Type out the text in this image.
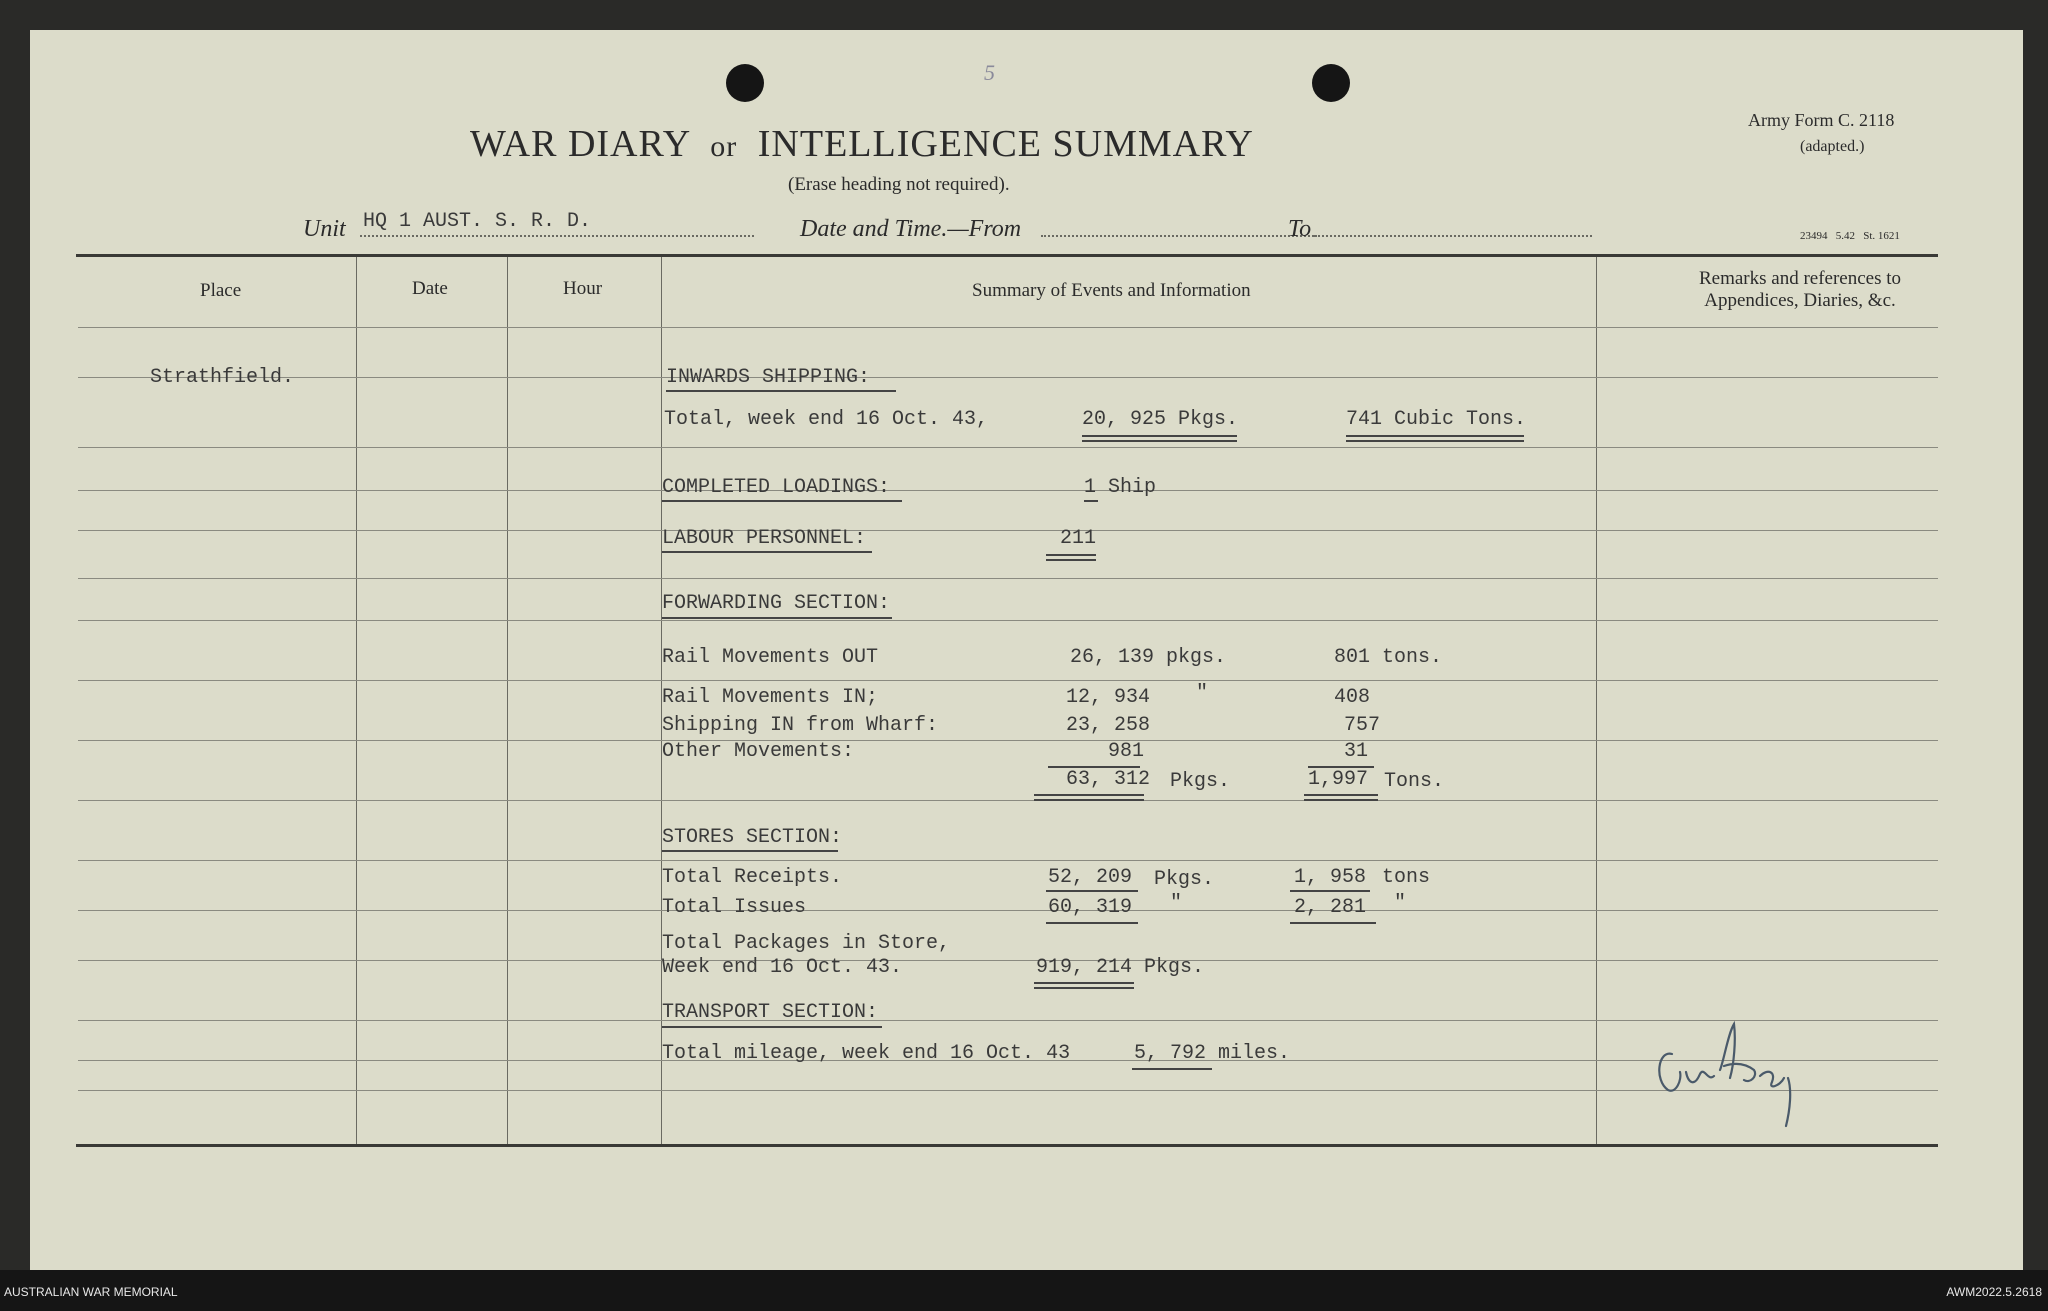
5
WAR DIARY or INTELLIGENCE SUMMARY
(Erase heading not required).
Army Form C. 2118
(adapted.)
23494   5.42   St. 1621
Unit HQ 1 AUST. S. R. D.	Date and Time.—From	To
Place	Date	Hour	Summary of Events and Information
Remarks and references to
Appendices, Diaries, &c.
Strathfield.	INWARDS SHIPPING:
Total, week end 16 Oct. 43,	20, 925 Pkgs.	741 Cubic Tons.
COMPLETED LOADINGS:	1 Ship
LABOUR PERSONNEL:	211
FORWARDING SECTION:
Rail Movements OUT	26, 139 pkgs.	801 tons.
Rail Movements IN;	12, 934 "	408
Shipping IN from Wharf:	23, 258	757
Other Movements:	981	31
63, 312 Pkgs.	1,997 Tons.
STORES SECTION:
Total Receipts.	52, 209 Pkgs.	1, 958 tons
Total Issues	60, 319 "	2, 281 "
Total Packages in Store,
Week end 16 Oct. 43.	919, 214 Pkgs.
TRANSPORT SECTION:
Total mileage, week end 16 Oct. 43	5, 792 miles.
AUSTRALIAN WAR MEMORIAL	AWM2022.5.2618
